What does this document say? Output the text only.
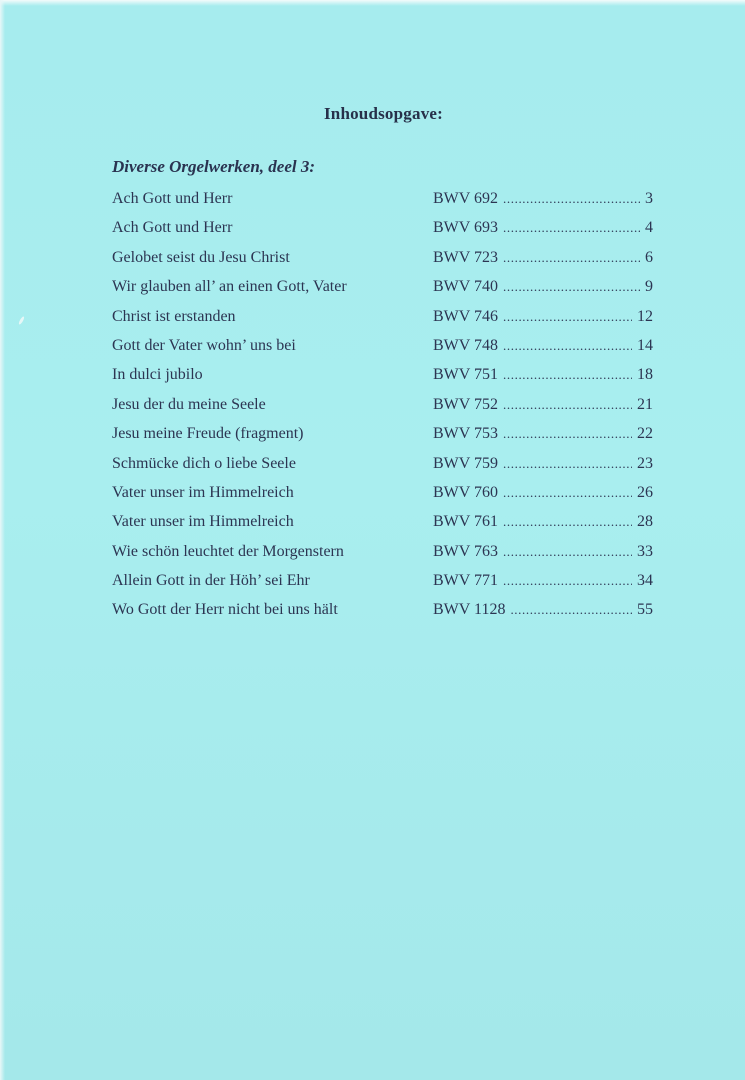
Inhoudsopgave:
Diverse Orgelwerken, deel 3:
Ach Gott und Herr	BWV 692 .....	3
Ach Gott und Herr	BWV 693 .....	4
Gelobet seist du Jesu Christ	BWV 723 .....	6
Wir glauben all’ an einen Gott, Vater	BWV 740 .....	9
Christ ist erstanden	BWV 746 .....	12
Gott der Vater wohn’ uns bei	BWV 748 .....	14
In dulci jubilo	BWV 751 .....	18
Jesu der du meine Seele	BWV 752 .....	21
Jesu meine Freude (fragment)	BWV 753 .....	22
Schmücke dich o liebe Seele	BWV 759 .....	23
Vater unser im Himmelreich	BWV 760 .....	26
Vater unser im Himmelreich	BWV 761 .....	28
Wie schön leuchtet der Morgenstern	BWV 763 .....	33
Allein Gott in der Höh’ sei Ehr	BWV 771 .....	34
Wo Gott der Herr nicht bei uns hält	BWV 1128 .....	55
